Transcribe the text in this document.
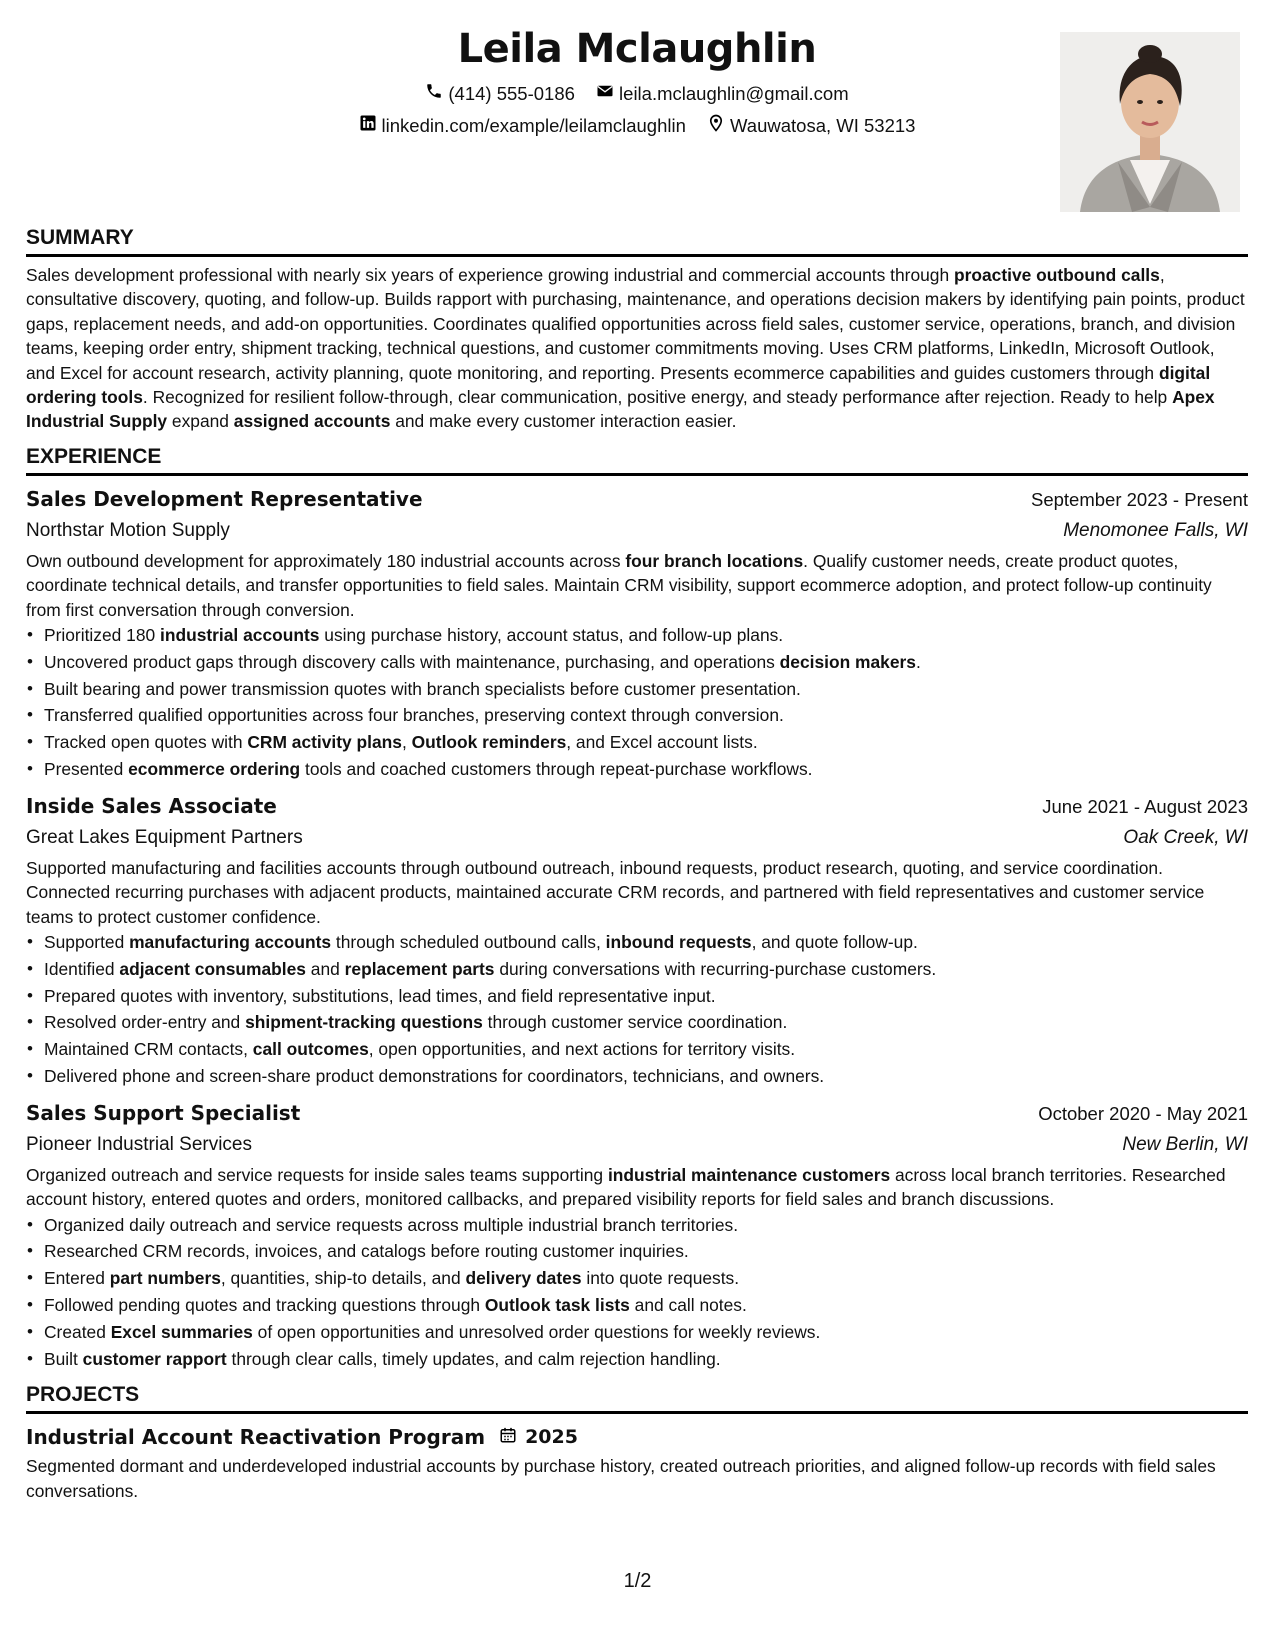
Leila Mclaughlin
(414) 555-0186
leila.mclaughlin@gmail.com
linkedin.com/example/leilamclaughlin
Wauwatosa, WI 53213
SUMMARY

Sales development professional with nearly six years of experience growing industrial and commercial accounts through proactive outbound calls, consultative discovery, quoting, and follow-up. Builds rapport with purchasing, maintenance, and operations decision makers by identifying pain points, product gaps, replacement needs, and add-on opportunities. Coordinates qualified opportunities across field sales, customer service, operations, branch, and division teams, keeping order entry, shipment tracking, technical questions, and customer commitments moving. Uses CRM platforms, LinkedIn, Microsoft Outlook, and Excel for account research, activity planning, quote monitoring, and reporting. Presents ecommerce capabilities and guides customers through digital ordering tools. Recognized for resilient follow-through, clear communication, positive energy, and steady performance after rejection. Ready to help Apex Industrial Supply expand assigned accounts and make every customer interaction easier.

EXPERIENCE
Sales Development Representative	September 2023 - Present
Northstar Motion Supply	Menomonee Falls, WI

Own outbound development for approximately 180 industrial accounts across four branch locations. Qualify customer needs, create product quotes, coordinate technical details, and transfer opportunities to field sales. Maintain CRM visibility, support ecommerce adoption, and protect follow-up continuity from first conversation through conversion.

• Prioritized 180 industrial accounts using purchase history, account status, and follow-up plans.
• Uncovered product gaps through discovery calls with maintenance, purchasing, and operations decision makers.
• Built bearing and power transmission quotes with branch specialists before customer presentation.
• Transferred qualified opportunities across four branches, preserving context through conversion.
• Tracked open quotes with CRM activity plans, Outlook reminders, and Excel account lists.
• Presented ecommerce ordering tools and coached customers through repeat-purchase workflows.
Inside Sales Associate	June 2021 - August 2023
Great Lakes Equipment Partners	Oak Creek, WI

Supported manufacturing and facilities accounts through outbound outreach, inbound requests, product research, quoting, and service coordination. Connected recurring purchases with adjacent products, maintained accurate CRM records, and partnered with field representatives and customer service teams to protect customer confidence.

• Supported manufacturing accounts through scheduled outbound calls, inbound requests, and quote follow-up.
• Identified adjacent consumables and replacement parts during conversations with recurring-purchase customers.
• Prepared quotes with inventory, substitutions, lead times, and field representative input.
• Resolved order-entry and shipment-tracking questions through customer service coordination.
• Maintained CRM contacts, call outcomes, open opportunities, and next actions for territory visits.
• Delivered phone and screen-share product demonstrations for coordinators, technicians, and owners.
Sales Support Specialist	October 2020 - May 2021
Pioneer Industrial Services	New Berlin, WI

Organized outreach and service requests for inside sales teams supporting industrial maintenance customers across local branch territories. Researched account history, entered quotes and orders, monitored callbacks, and prepared visibility reports for field sales and branch discussions.

• Organized daily outreach and service requests across multiple industrial branch territories.
• Researched CRM records, invoices, and catalogs before routing customer inquiries.
• Entered part numbers, quantities, ship-to details, and delivery dates into quote requests.
• Followed pending quotes and tracking questions through Outlook task lists and call notes.
• Created Excel summaries of open opportunities and unresolved order questions for weekly reviews.
• Built customer rapport through clear calls, timely updates, and calm rejection handling.
PROJECTS
Industrial Account Reactivation Program 2025

Segmented dormant and underdeveloped industrial accounts by purchase history, created outreach priorities, and aligned follow-up records with field sales conversations.

1/2
